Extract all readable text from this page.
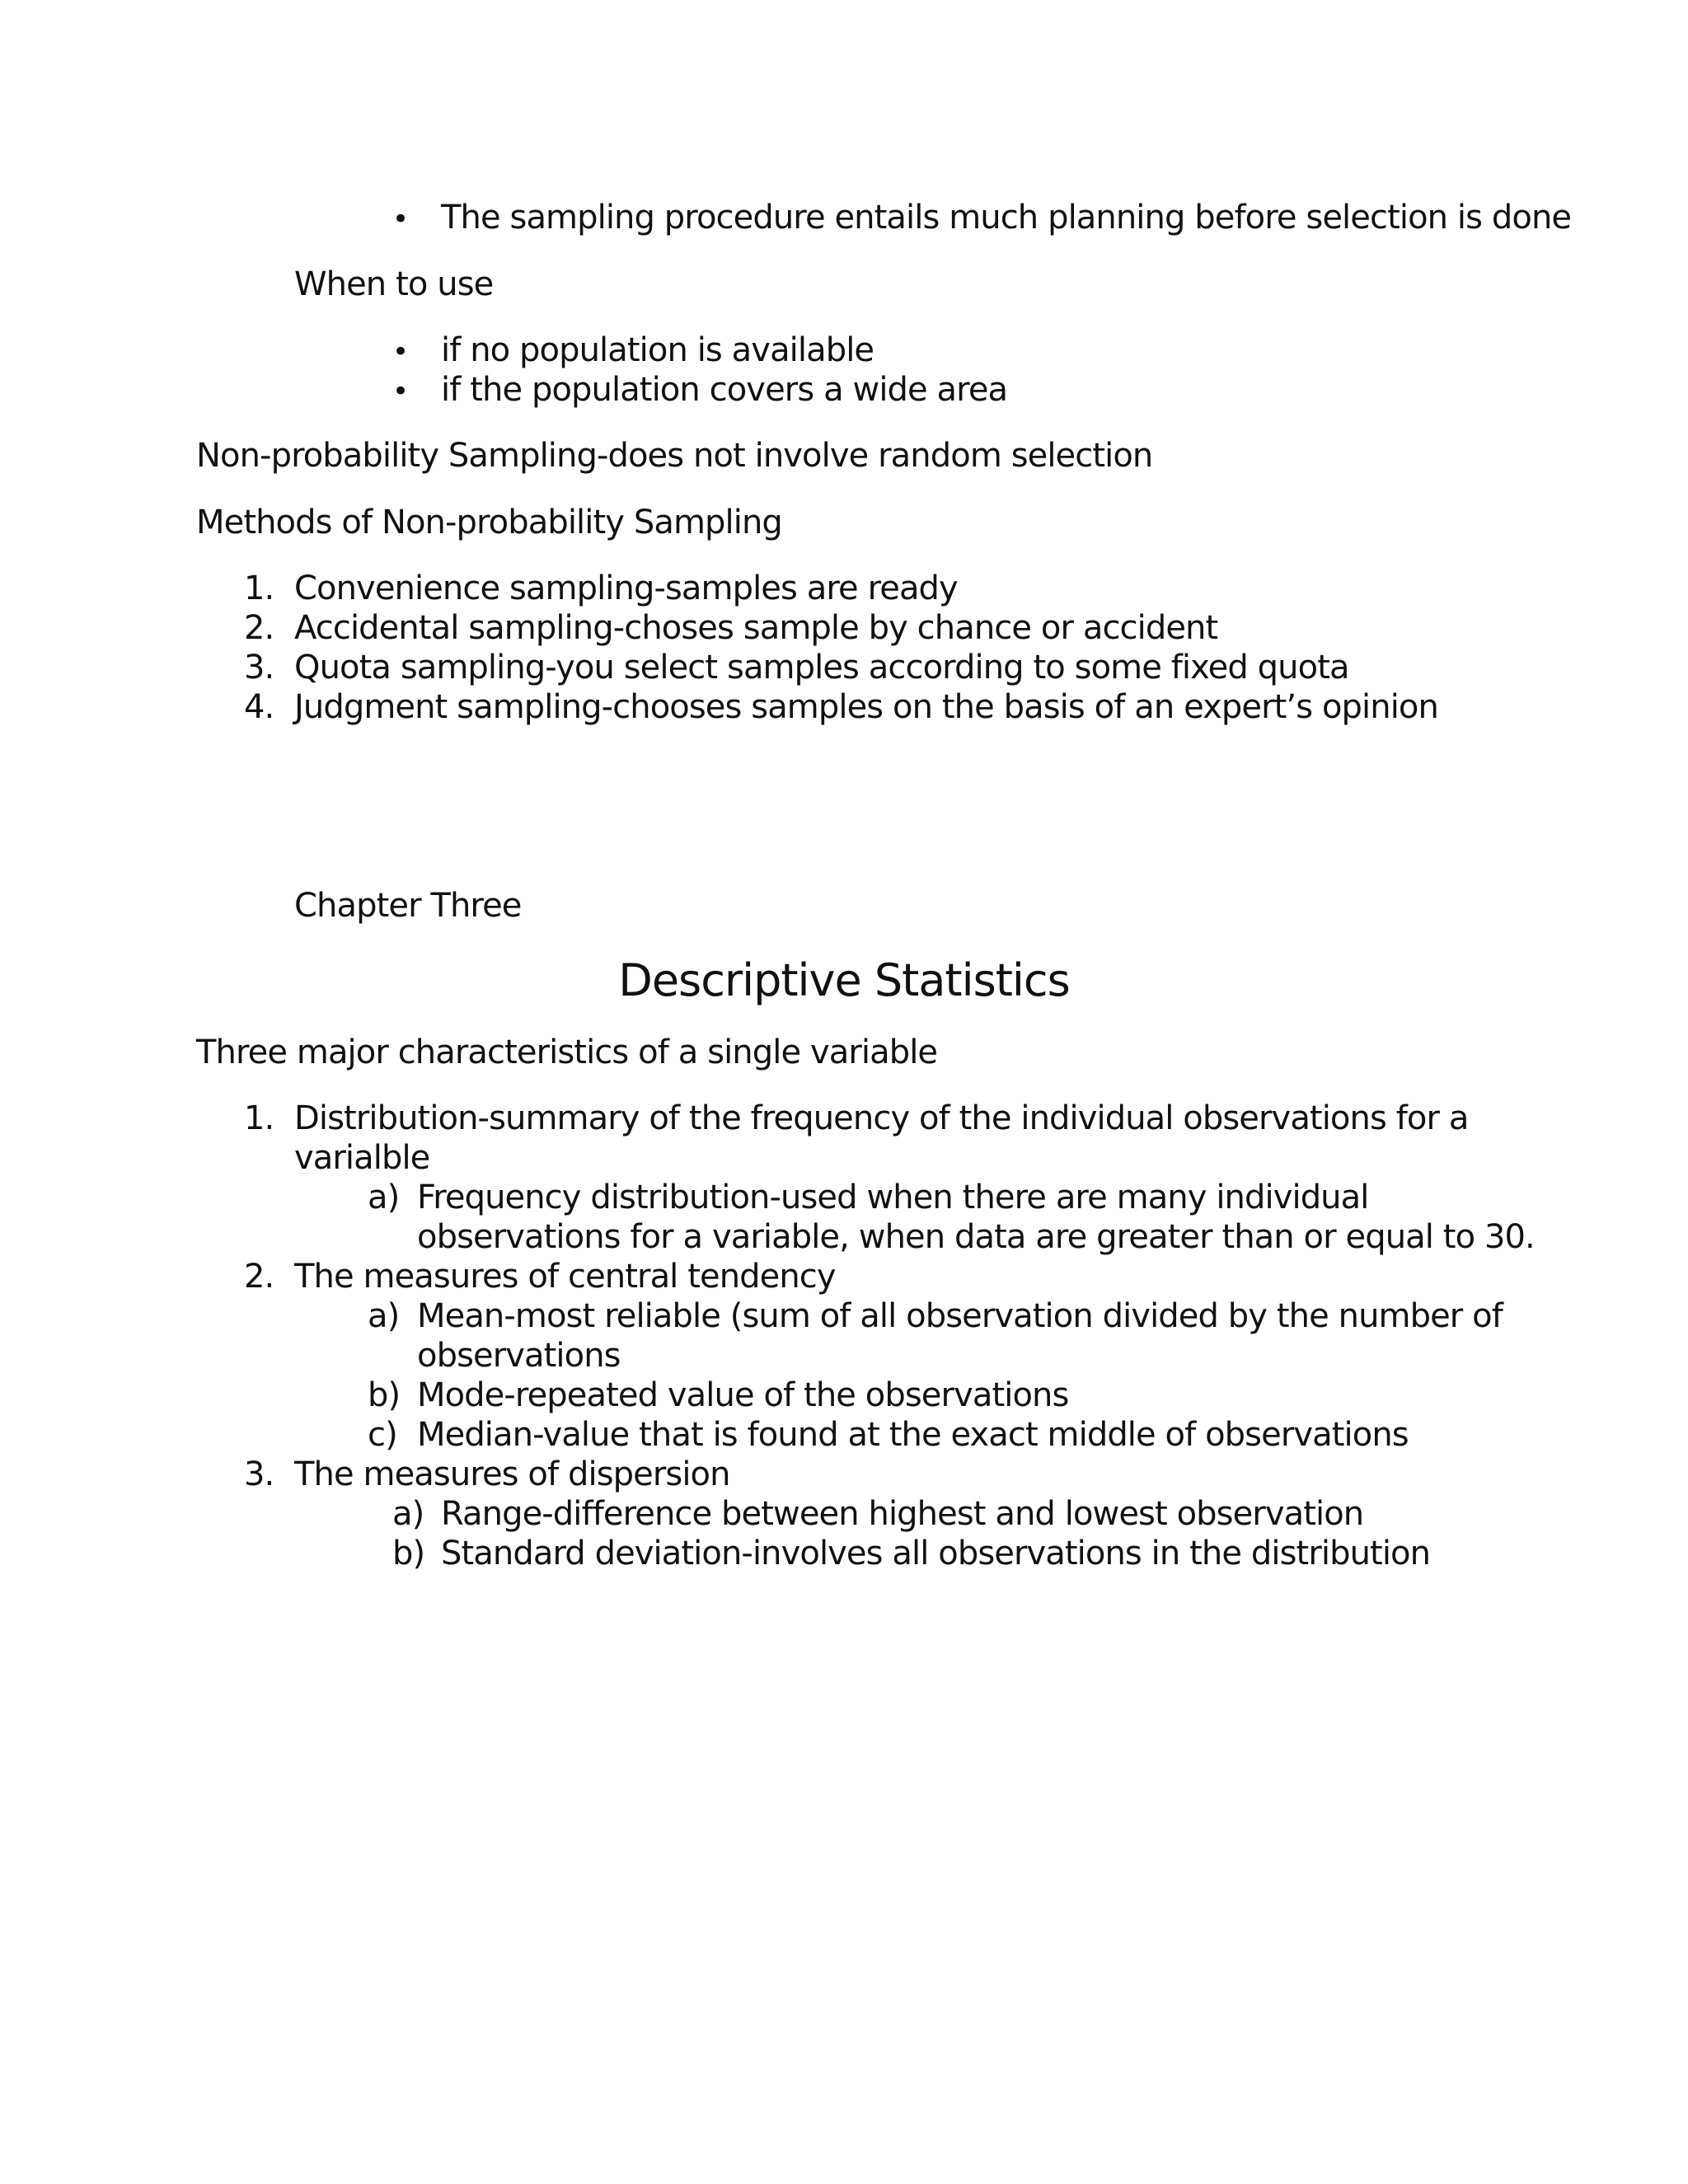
• The sampling procedure entails much planning before selection is done
When to use
• if no population is available
• if the population covers a wide area
Non-probability Sampling-does not involve random selection
Methods of Non-probability Sampling
1. Convenience sampling-samples are ready
2. Accidental sampling-choses sample by chance or accident
3. Quota sampling-you select samples according to some fixed quota
4. Judgment sampling-chooses samples on the basis of an expert’s opinion
Chapter Three
Descriptive Statistics
Three major characteristics of a single variable
1. Distribution-summary of the frequency of the individual observations for a
varialble
a) Frequency distribution-used when there are many individual
observations for a variable, when data are greater than or equal to 30.
2. The measures of central tendency
a) Mean-most reliable (sum of all observation divided by the number of
observations
b) Mode-repeated value of the observations
c) Median-value that is found at the exact middle of observations
3. The measures of dispersion
a) Range-difference between highest and lowest observation
b) Standard deviation-involves all observations in the distribution
